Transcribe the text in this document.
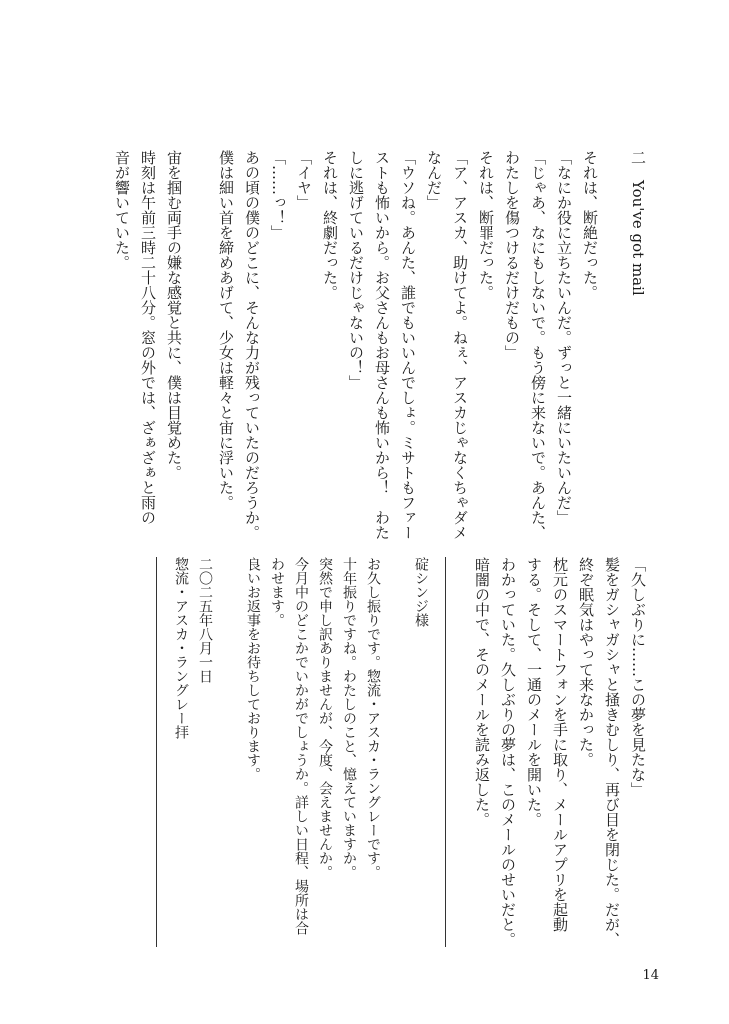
二　You've got mail
それは、断絶だった。
「なにか役に立ちたいんだ。ずっと一緒にいたいんだ」
「じゃあ、なにもしないで。もう傍に来ないで。あんた、
わたしを傷つけるだけだもの」
それは、断罪だった。
「ア、アスカ、助けてよ。ねぇ、アスカじゃなくちゃダメ
なんだ」
「ウソね。あんた、誰でもいいんでしょ。ミサトもファー
ストも怖いから。お父さんもお母さんも怖いから！　わた
しに逃げているだけじゃないの！」
それは、終劇だった。
「イヤ」
「……っ！」
あの頃の僕のどこに、そんな力が残っていたのだろうか。
僕は細い首を締めあげて、少女は軽々と宙に浮いた。
宙を掴む両手の嫌な感覚と共に、僕は目覚めた。
時刻は午前三時二十八分。窓の外では、ざぁざぁと雨の
音が響いていた。
「久しぶりに……この夢を見たな」
髪をガシャガシャと掻きむしり、再び目を閉じた。だが、
終ぞ眠気はやって来なかった。
枕元のスマートフォンを手に取り、メールアプリを起動
する。そして、一通のメールを開いた。
わかっていた。久しぶりの夢は、このメールのせいだと。
暗闇の中で、そのメールを読み返した。
碇シンジ様
お久し振りです。惣流・アスカ・ラングレーです。
十年振りですね。わたしのこと、憶えていますか。
突然で申し訳ありませんが、今度、会えませんか。
今月中のどこかでいかがでしょうか。詳しい日程、場所は合
わせます。
良いお返事をお待ちしております。
二〇二五年八月一日
惣流・アスカ・ラングレー拝
14
